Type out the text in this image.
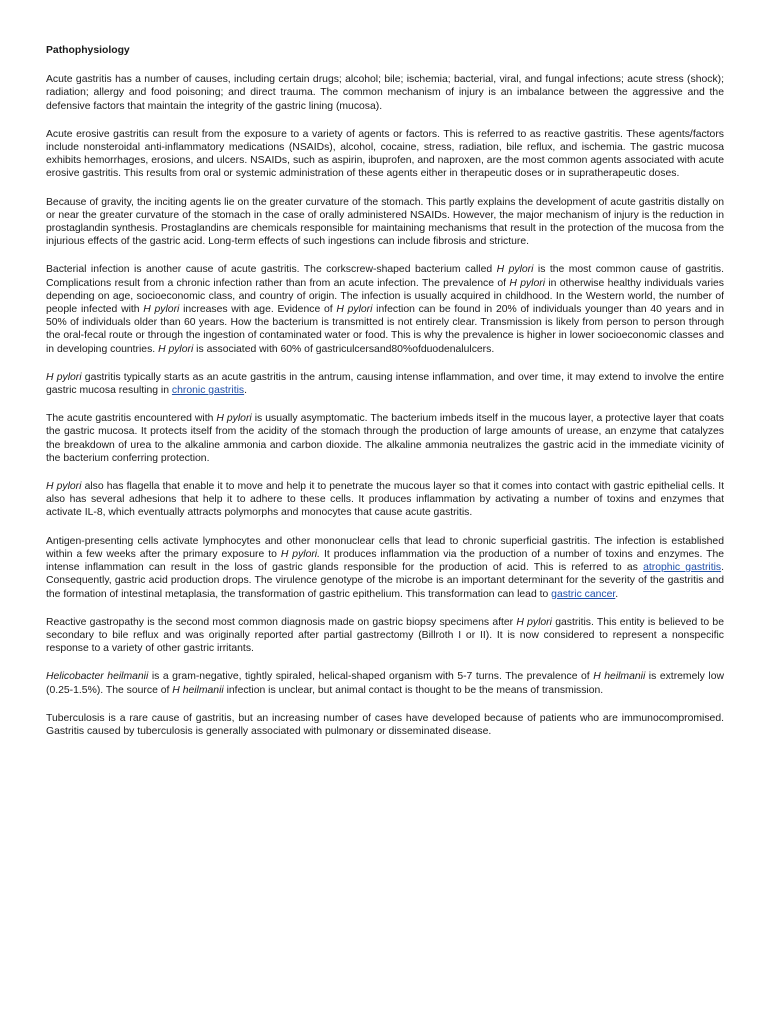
Pathophysiology

Acute gastritis has a number of causes, including certain drugs; alcohol; bile; ischemia; bacterial, viral, and fungal infections; acute stress (shock); radiation; allergy and food poisoning; and direct trauma. The common mechanism of injury is an imbalance between the aggressive and the defensive factors that maintain the integrity of the gastric lining (mucosa).

Acute erosive gastritis can result from the exposure to a variety of agents or factors. This is referred to as reactive gastritis. These agents/factors include nonsteroidal anti-inflammatory medications (NSAIDs), alcohol, cocaine, stress, radiation, bile reflux, and ischemia. The gastric mucosa exhibits hemorrhages, erosions, and ulcers. NSAIDs, such as aspirin, ibuprofen, and naproxen, are the most common agents associated with acute erosive gastritis. This results from oral or systemic administration of these agents either in therapeutic doses or in supratherapeutic doses.

Because of gravity, the inciting agents lie on the greater curvature of the stomach. This partly explains the development of acute gastritis distally on or near the greater curvature of the stomach in the case of orally administered NSAIDs. However, the major mechanism of injury is the reduction in prostaglandin synthesis. Prostaglandins are chemicals responsible for maintaining mechanisms that result in the protection of the mucosa from the injurious effects of the gastric acid. Long-term effects of such ingestions can include fibrosis and stricture.

Bacterial infection is another cause of acute gastritis. The corkscrew-shaped bacterium called H pylori is the most common cause of gastritis. Complications result from a chronic infection rather than from an acute infection. The prevalence of H pylori in otherwise healthy individuals varies depending on age, socioeconomic class, and country of origin. The infection is usually acquired in childhood. In the Western world, the number of people infected with H pylori increases with age. Evidence of H pylori infection can be found in 20% of individuals younger than 40 years and in 50% of individuals older than 60 years. How the bacterium is transmitted is not entirely clear. Transmission is likely from person to person through the oral-fecal route or through the ingestion of contaminated water or food. This is why the prevalence is higher in lower socioeconomic classes and in developing countries. H pylori is associated with 60% of gastriculcersand80%ofduodenalulcers.

H pylori gastritis typically starts as an acute gastritis in the antrum, causing intense inflammation, and over time, it may extend to involve the entire gastric mucosa resulting in chronic gastritis.

The acute gastritis encountered with H pylori is usually asymptomatic. The bacterium imbeds itself in the mucous layer, a protective layer that coats the gastric mucosa. It protects itself from the acidity of the stomach through the production of large amounts of urease, an enzyme that catalyzes the breakdown of urea to the alkaline ammonia and carbon dioxide. The alkaline ammonia neutralizes the gastric acid in the immediate vicinity of the bacterium conferring protection.

H pylori also has flagella that enable it to move and help it to penetrate the mucous layer so that it comes into contact with gastric epithelial cells. It also has several adhesions that help it to adhere to these cells. It produces inflammation by activating a number of toxins and enzymes that activate IL-8, which eventually attracts polymorphs and monocytes that cause acute gastritis.

Antigen-presenting cells activate lymphocytes and other mononuclear cells that lead to chronic superficial gastritis. The infection is established within a few weeks after the primary exposure to H pylori. It produces inflammation via the production of a number of toxins and enzymes. The intense inflammation can result in the loss of gastric glands responsible for the production of acid. This is referred to as atrophic gastritis. Consequently, gastric acid production drops. The virulence genotype of the microbe is an important determinant for the severity of the gastritis and the formation of intestinal metaplasia, the transformation of gastric epithelium. This transformation can lead to gastric cancer.

Reactive gastropathy is the second most common diagnosis made on gastric biopsy specimens after H pylori gastritis. This entity is believed to be secondary to bile reflux and was originally reported after partial gastrectomy (Billroth I or II). It is now considered to represent a nonspecific response to a variety of other gastric irritants.

Helicobacter heilmanii is a gram-negative, tightly spiraled, helical-shaped organism with 5-7 turns. The prevalence of H heilmanii is extremely low (0.25-1.5%). The source of H heilmanii infection is unclear, but animal contact is thought to be the means of transmission.

Tuberculosis is a rare cause of gastritis, but an increasing number of cases have developed because of patients who are immunocompromised. Gastritis caused by tuberculosis is generally associated with pulmonary or disseminated disease.
